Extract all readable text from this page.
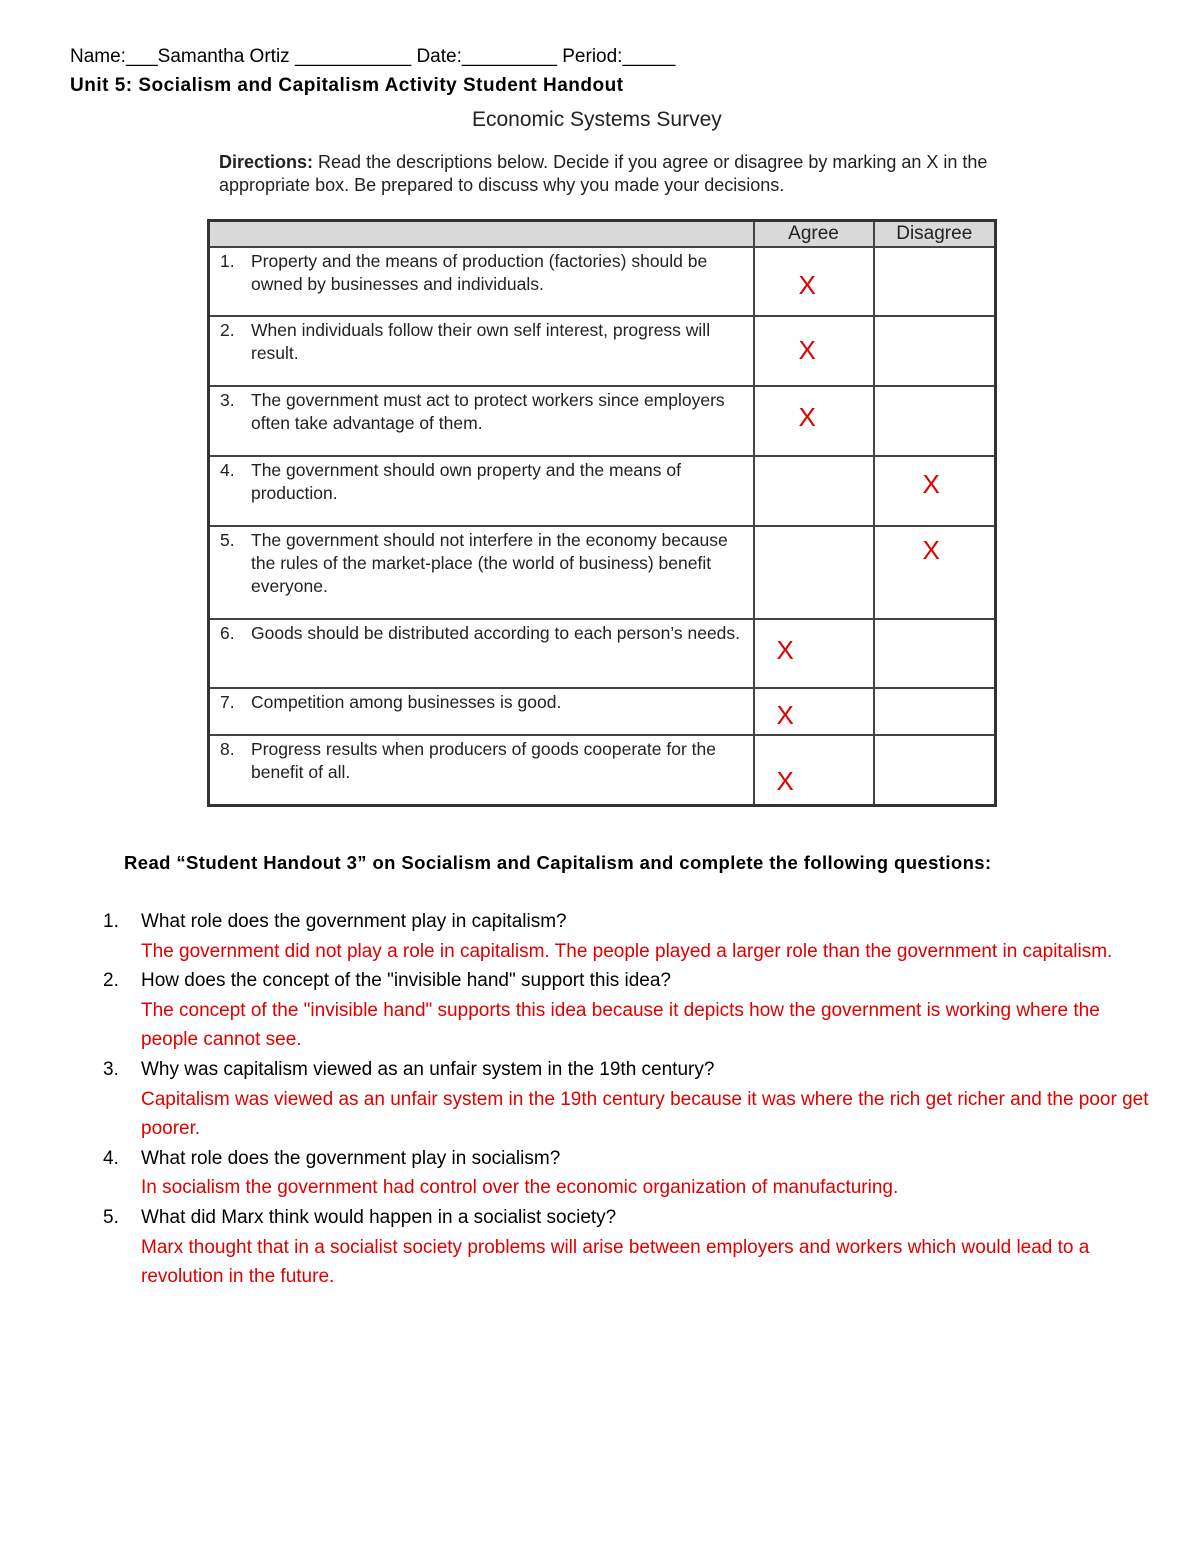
Name:___Samantha Ortiz ___________ Date:_________ Period:_____
Unit 5: Socialism and Capitalism Activity Student Handout
Economic Systems Survey
Directions: Read the descriptions below. Decide if you agree or disagree by marking an X in the appropriate box. Be prepared to discuss why you made your decisions.
	Agree	Disagree

1. Property and the means of production (factories) should be owned by businesses and individuals.	X	

2. When individuals follow their own self interest, progress will result.	X	

3. The government must act to protect workers since employers often take advantage of them.	X	

4. The government should own property and the means of production.		X

5. The government should not interfere in the economy because the rules of the market-place (the world of business) benefit everyone.		X

6. Goods should be distributed according to each person’s needs.	X	

7. Competition among businesses is good.	X	

8. Progress results when producers of goods cooperate for the benefit of all.	X	

Read “Student Handout 3” on Socialism and Capitalism and complete the following questions:
1.	What role does the government play in capitalism?
The government did not play a role in capitalism. The people played a larger role than the government in capitalism.
2.	How does the concept of the "invisible hand" support this idea?
The concept of the "invisible hand" supports this idea because it depicts how the government is working where the people cannot see.
3.	Why was capitalism viewed as an unfair system in the 19th century?
Capitalism was viewed as an unfair system in the 19th century because it was where the rich get richer and the poor get poorer.
4.	What role does the government play in socialism?
In socialism the government had control over the economic organization of manufacturing.
5.	What did Marx think would happen in a socialist society?
Marx thought that in a socialist society problems will arise between employers and workers which would lead to a revolution in the future.
